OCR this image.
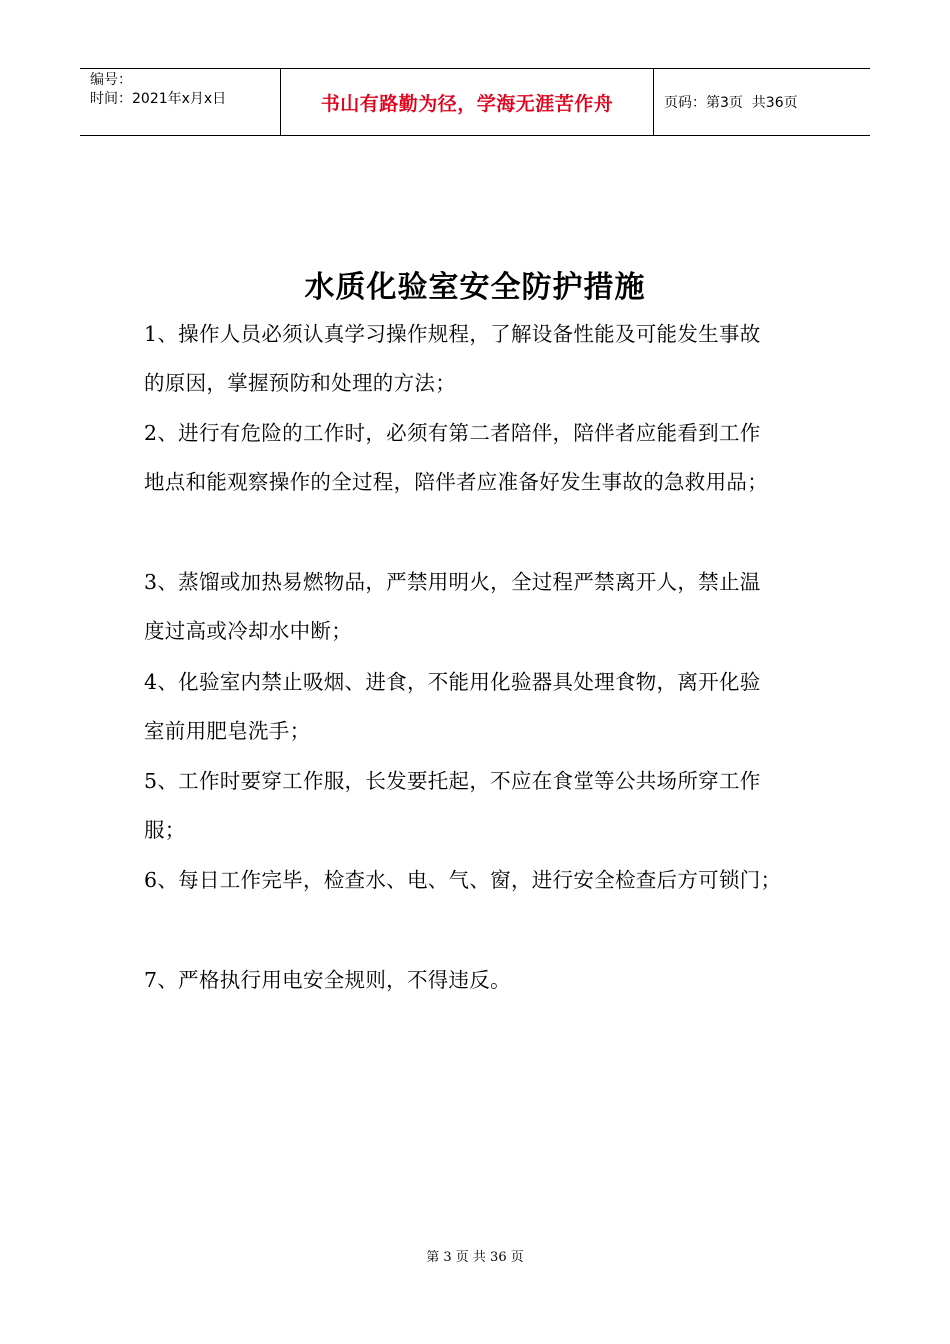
编号：
时间：2021年x月x日	书山有路勤为径，学海无涯苦作舟	页码：第3页  共36页
水质化验室安全防护措施
1、操作人员必须认真学习操作规程，了解设备性能及可能发生事故
的原因，掌握预防和处理的方法；
2、进行有危险的工作时，必须有第二者陪伴，陪伴者应能看到工作
地点和能观察操作的全过程，陪伴者应准备好发生事故的急救用品；
3、蒸馏或加热易燃物品，严禁用明火，全过程严禁离开人，禁止温
度过高或冷却水中断；
4、化验室内禁止吸烟、进食，不能用化验器具处理食物，离开化验
室前用肥皂洗手；
5、工作时要穿工作服，长发要托起，不应在食堂等公共场所穿工作
服；
6、每日工作完毕，检查水、电、气、窗，进行安全检查后方可锁门；
7、严格执行用电安全规则，不得违反。
第 3 页 共 36 页
